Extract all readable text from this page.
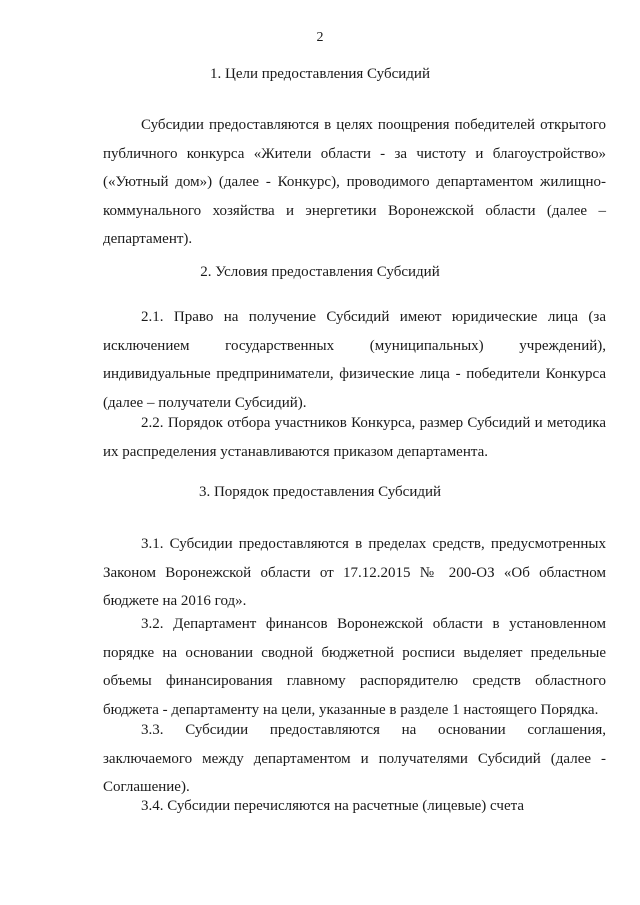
2
1. Цели предоставления Субсидий

Субсидии предоставляются в целях поощрения победителей открытого публичного конкурса «Жители области - за чистоту и благоустройство» («Уютный дом») (далее - Конкурс), проводимого департаментом жилищно-коммунального хозяйства и энергетики Воронежской области (далее – департамент).

2. Условия предоставления Субсидий

2.1. Право на получение Субсидий имеют юридические лица (за исключением государственных (муниципальных) учреждений), индивидуальные предприниматели, физические лица - победители Конкурса (далее – получатели Субсидий).

2.2. Порядок отбора участников Конкурса, размер Субсидий и методика их распределения устанавливаются приказом департамента.

3. Порядок предоставления Субсидий

3.1. Субсидии предоставляются в пределах средств, предусмотренных Законом Воронежской области от 17.12.2015 № 200-ОЗ «Об областном бюджете на 2016 год».

3.2. Департамент финансов Воронежской области в установленном порядке на основании сводной бюджетной росписи выделяет предельные объемы финансирования главному распорядителю средств областного бюджета - департаменту на цели, указанные в разделе 1 настоящего Порядка.

3.3. Субсидии предоставляются на основании соглашения, заключаемого между департаментом и получателями Субсидий (далее - Соглашение).

3.4. Субсидии перечисляются на расчетные (лицевые) счета
